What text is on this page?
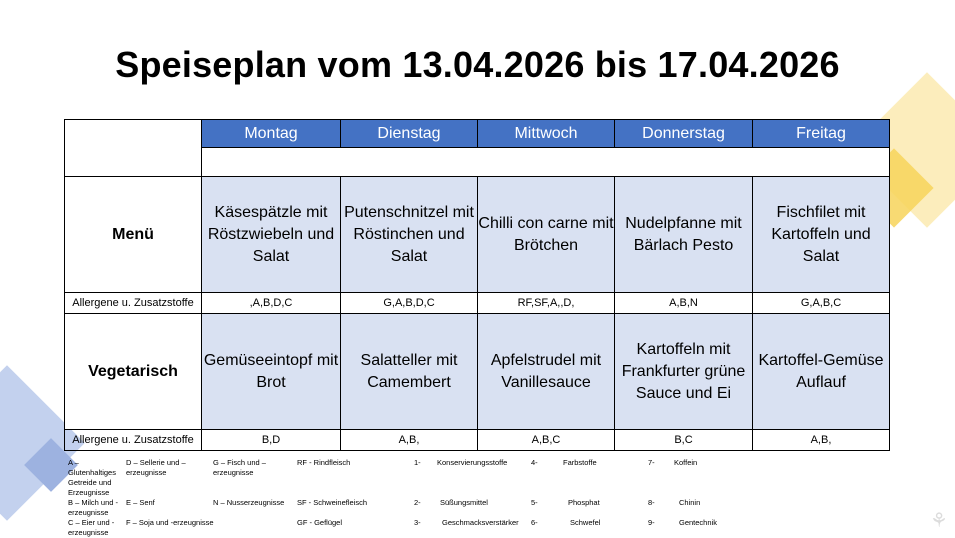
⚘
Speiseplan vom 13.04.2026 bis 17.04.2026
	Montag	Dienstag	Mittwoch	Donnerstag	Freitag

Menü	Käsespätzle mit Röstzwiebeln und Salat	Putenschnitzel mit Röstinchen und Salat	Chilli con carne mit Brötchen	Nudelpfanne mit Bärlach Pesto	Fischfilet mit Kartoffeln und Salat
Allergene u. Zusatzstoffe	,A,B,D,C	G,A,B,D,C	RF,SF,A,,D,	A,B,N	G,A,B,C
Vegetarisch	Gemüseeintopf mit Brot	Salatteller mit Camembert	Apfelstrudel mit Vanillesauce	Kartoffeln mit Frankfurter grüne Sauce und Ei	Kartoffel-Gemüse Auflauf
Allergene u. Zusatzstoffe	B,D	A,B,	A,B,C	B,C	A,B,
A – Glutenhaltiges Getreide und Erzeugnisse
B – Milch und -erzeugnisse
C – Eier und -erzeugnisse
D – Sellerie und –erzeugnisse
E – Senf
F – Soja und -erzeugnisse
G – Fisch und –erzeugnisse
N – Nusserzeugnisse
RF - Rindfleisch
SF - Schweinefleisch
GF - Geflügel
1- Konservierungsstoffe
2-	Süßungsmittel
3-	Geschmacksverstärker
4-	Farbstoffe
5-	Phosphat
6-	Schwefel
7-	Koffein
8-	Chinin
9-	Gentechnik
